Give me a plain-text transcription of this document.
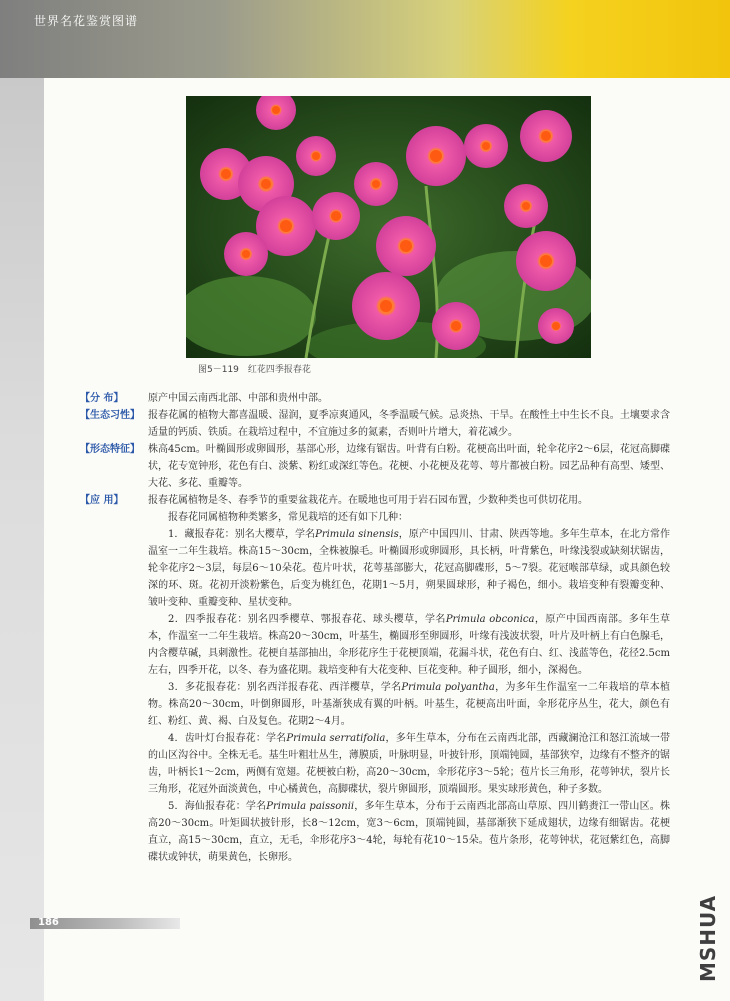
世界名花鉴赏图谱
图5－119　红花四季报春花
【分 布】	原产中国云南西北部、中部和贵州中部。
【生态习性】 报春花属的植物大都喜温暖、湿润，夏季凉爽通风，冬季温暖气候。忌炎热、干旱。在酸性土中生长不良。土壤要求含适量的钙质、铁质。在栽培过程中，不宜施过多的氮素，否则叶片增大，着花减少。
【形态特征】 株高45cm。叶椭圆形或卵圆形，基部心形，边缘有锯齿。叶背有白粉。花梗高出叶面，轮伞花序2～6层，花冠高脚碟状，花专宽钟形，花色有白、淡紫、粉红或深红等色。花梗、小花梗及花萼、萼片都被白粉。园艺品种有高型、矮型、大花、多花、重瓣等。
【应 用】	报春花属植物是冬、春季节的重要盆栽花卉。在暖地也可用于岩石园布置，少数种类也可供切花用。

报春花同属植物种类繁多，常见栽培的还有如下几种：

1．藏报春花：别名大樱草，学名Primula sinensis，原产中国四川、甘肃、陕西等地。多年生草本，在北方常作温室一二年生栽培。株高15～30cm，全株被腺毛。叶椭圆形或卵圆形，具长柄，叶背紫色，叶缘浅裂或缺刻状锯齿，轮伞花序2～3层，每层6～10朵花。苞片叶状，花萼基部膨大，花冠高脚碟形，5～7裂。花冠喉部草绿，或具颜色较深的环、斑。花初开淡粉紫色，后变为桃红色，花期1～5月，朔果圆球形，种子褐色，细小。栽培变种有裂瓣变种、皱叶变种、重瓣变种、星状变种。

2．四季报春花：别名四季樱草、鄂报春花、球头樱草，学名Primula obconica，原产中国西南部。多年生草本，作温室一二年生栽培。株高20～30cm，叶基生，椭圆形至卵圆形，叶缘有浅波状裂，叶片及叶柄上有白色腺毛，内含樱草碱，具刺激性。花梗自基部抽出，伞形花序生于花梗顶端，花漏斗状，花色有白、红、浅蓝等色，花径2.5cm左右，四季开花，以冬、春为盛花期。栽培变种有大花变种、巨花变种。种子圆形，细小，深褐色。

3．多花报春花：别名西洋报春花、西洋樱草，学名Primula polyantha，为多年生作温室一二年栽培的草本植物。株高20～30cm，叶倒卵圆形，叶基渐狭成有翼的叶柄。叶基生，花梗高出叶面，伞形花序丛生，花大，颜色有红、粉红、黄、褐、白及复色。花期2～4月。

4．齿叶灯台报春花：学名Primula serratifolia，多年生草本，分布在云南西北部，西藏澜沧江和怒江流域一带的山区沟谷中。全株无毛。基生叶粗壮丛生，薄膜质，叶脉明显，叶披针形，顶端钝圆，基部狭窄，边缘有不整齐的锯齿，叶柄长1～2cm，两侧有宽翅。花梗被白粉，高20～30cm，伞形花序3～5轮；苞片长三角形，花萼钟状，裂片长三角形，花冠外面淡黄色，中心橘黄色，高脚碟状，裂片卵圆形，顶端圆形。果实球形黄色，种子多数。

5．海仙报春花：学名Primula paissonii，多年生草本，分布于云南西北部高山草原、四川鹤赉江一带山区。株高20～30cm。叶矩圆状披针形，长8～12cm，宽3～6cm，顶端钝圆，基部渐狭下延成翅状，边缘有细锯齿。花梗直立，高15～30cm，直立，无毛，伞形花序3～4轮，每轮有花10～15朵。苞片条形，花萼钟状，花冠紫红色，高脚碟状或钟状，萌果黄色，长卵形。

186	MSHUA
